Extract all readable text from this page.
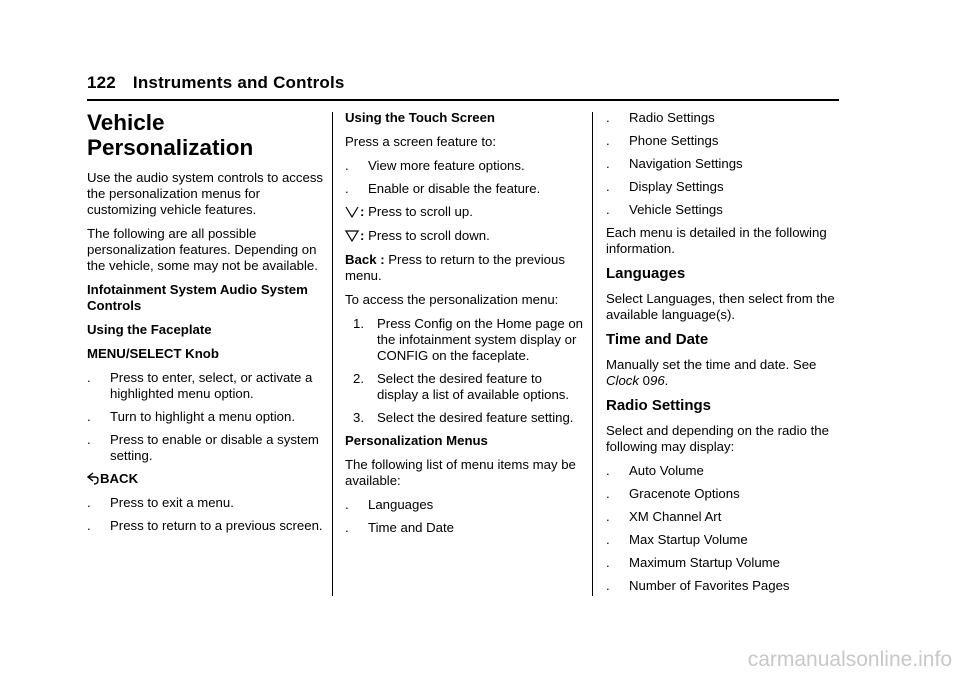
122 Instruments and Controls
Vehicle
Personalization

Use the audio system controls to access the personalization menus for customizing vehicle features.

The following are all possible personalization features. Depending on the vehicle, some may not be available.

Infotainment System Audio System Controls

Using the Faceplate

MENU/SELECT Knob

. Press to enter, select, or activate a highlighted menu option.
. Turn to highlight a menu option.
. Press to enable or disable a system setting.

BACK

. Press to exit a menu.
. Press to return to a previous screen.

Using the Touch Screen

Press a screen feature to:

. View more feature options.
. Enable or disable the feature.

: Press to scroll up.

: Press to scroll down.

Back : Press to return to the previous menu.

To access the personalization menu:

1. Press Config on the Home page on the infotainment system display or CONFIG on the faceplate.
2. Select the desired feature to display a list of available options.
3. Select the desired feature setting.

Personalization Menus

The following list of menu items may be available:

. Languages
. Time and Date
. Radio Settings
. Phone Settings
. Navigation Settings
. Display Settings
. Vehicle Settings

Each menu is detailed in the following information.

Languages

Select Languages, then select from the available language(s).

Time and Date

Manually set the time and date. See
Clock 096.

Radio Settings

Select and depending on the radio the following may display:

. Auto Volume
. Gracenote Options
. XM Channel Art
. Max Startup Volume
. Maximum Startup Volume
. Number of Favorites Pages
carmanualsonline.info
